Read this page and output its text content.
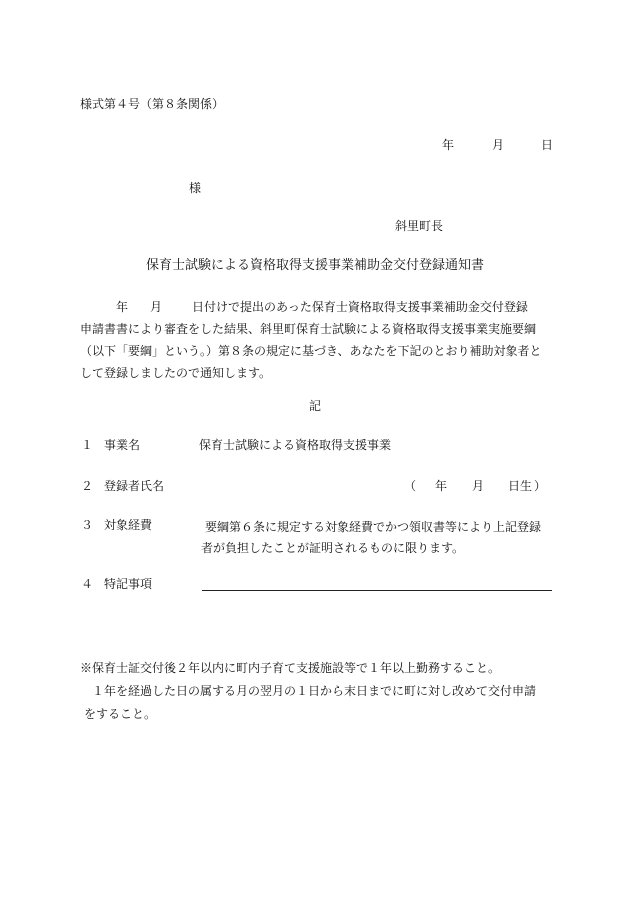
様式第４号（第８条関係）
年	月	日
様
斜里町長
保育士試験による資格取得支援事業補助金交付登録通知書
年 月	日付けで提出のあった保育士資格取得支援事業補助金交付登録
申請書書により審査をした結果、斜里町保育士試験による資格取得支援事業実施要綱
（以下「要綱」という。）第８条の規定に基づき、あなたを下記のとおり補助対象者と
して登録しましたので通知します。
記
１ 事業名	保育士試験による資格取得支援事業
２ 登録者氏名	（ 年 月 日生 ）
３ 対象経費	要綱第６条に規定する対象経費でかつ領収書等により上記登録
者が負担したことが証明されるものに限ります。
４ 特記事項
※保育士証交付後２年以内に町内子育て支援施設等で１年以上勤務すること。
１年を経過した日の属する月の翌月の１日から末日までに町に対し改めて交付申請
をすること。
